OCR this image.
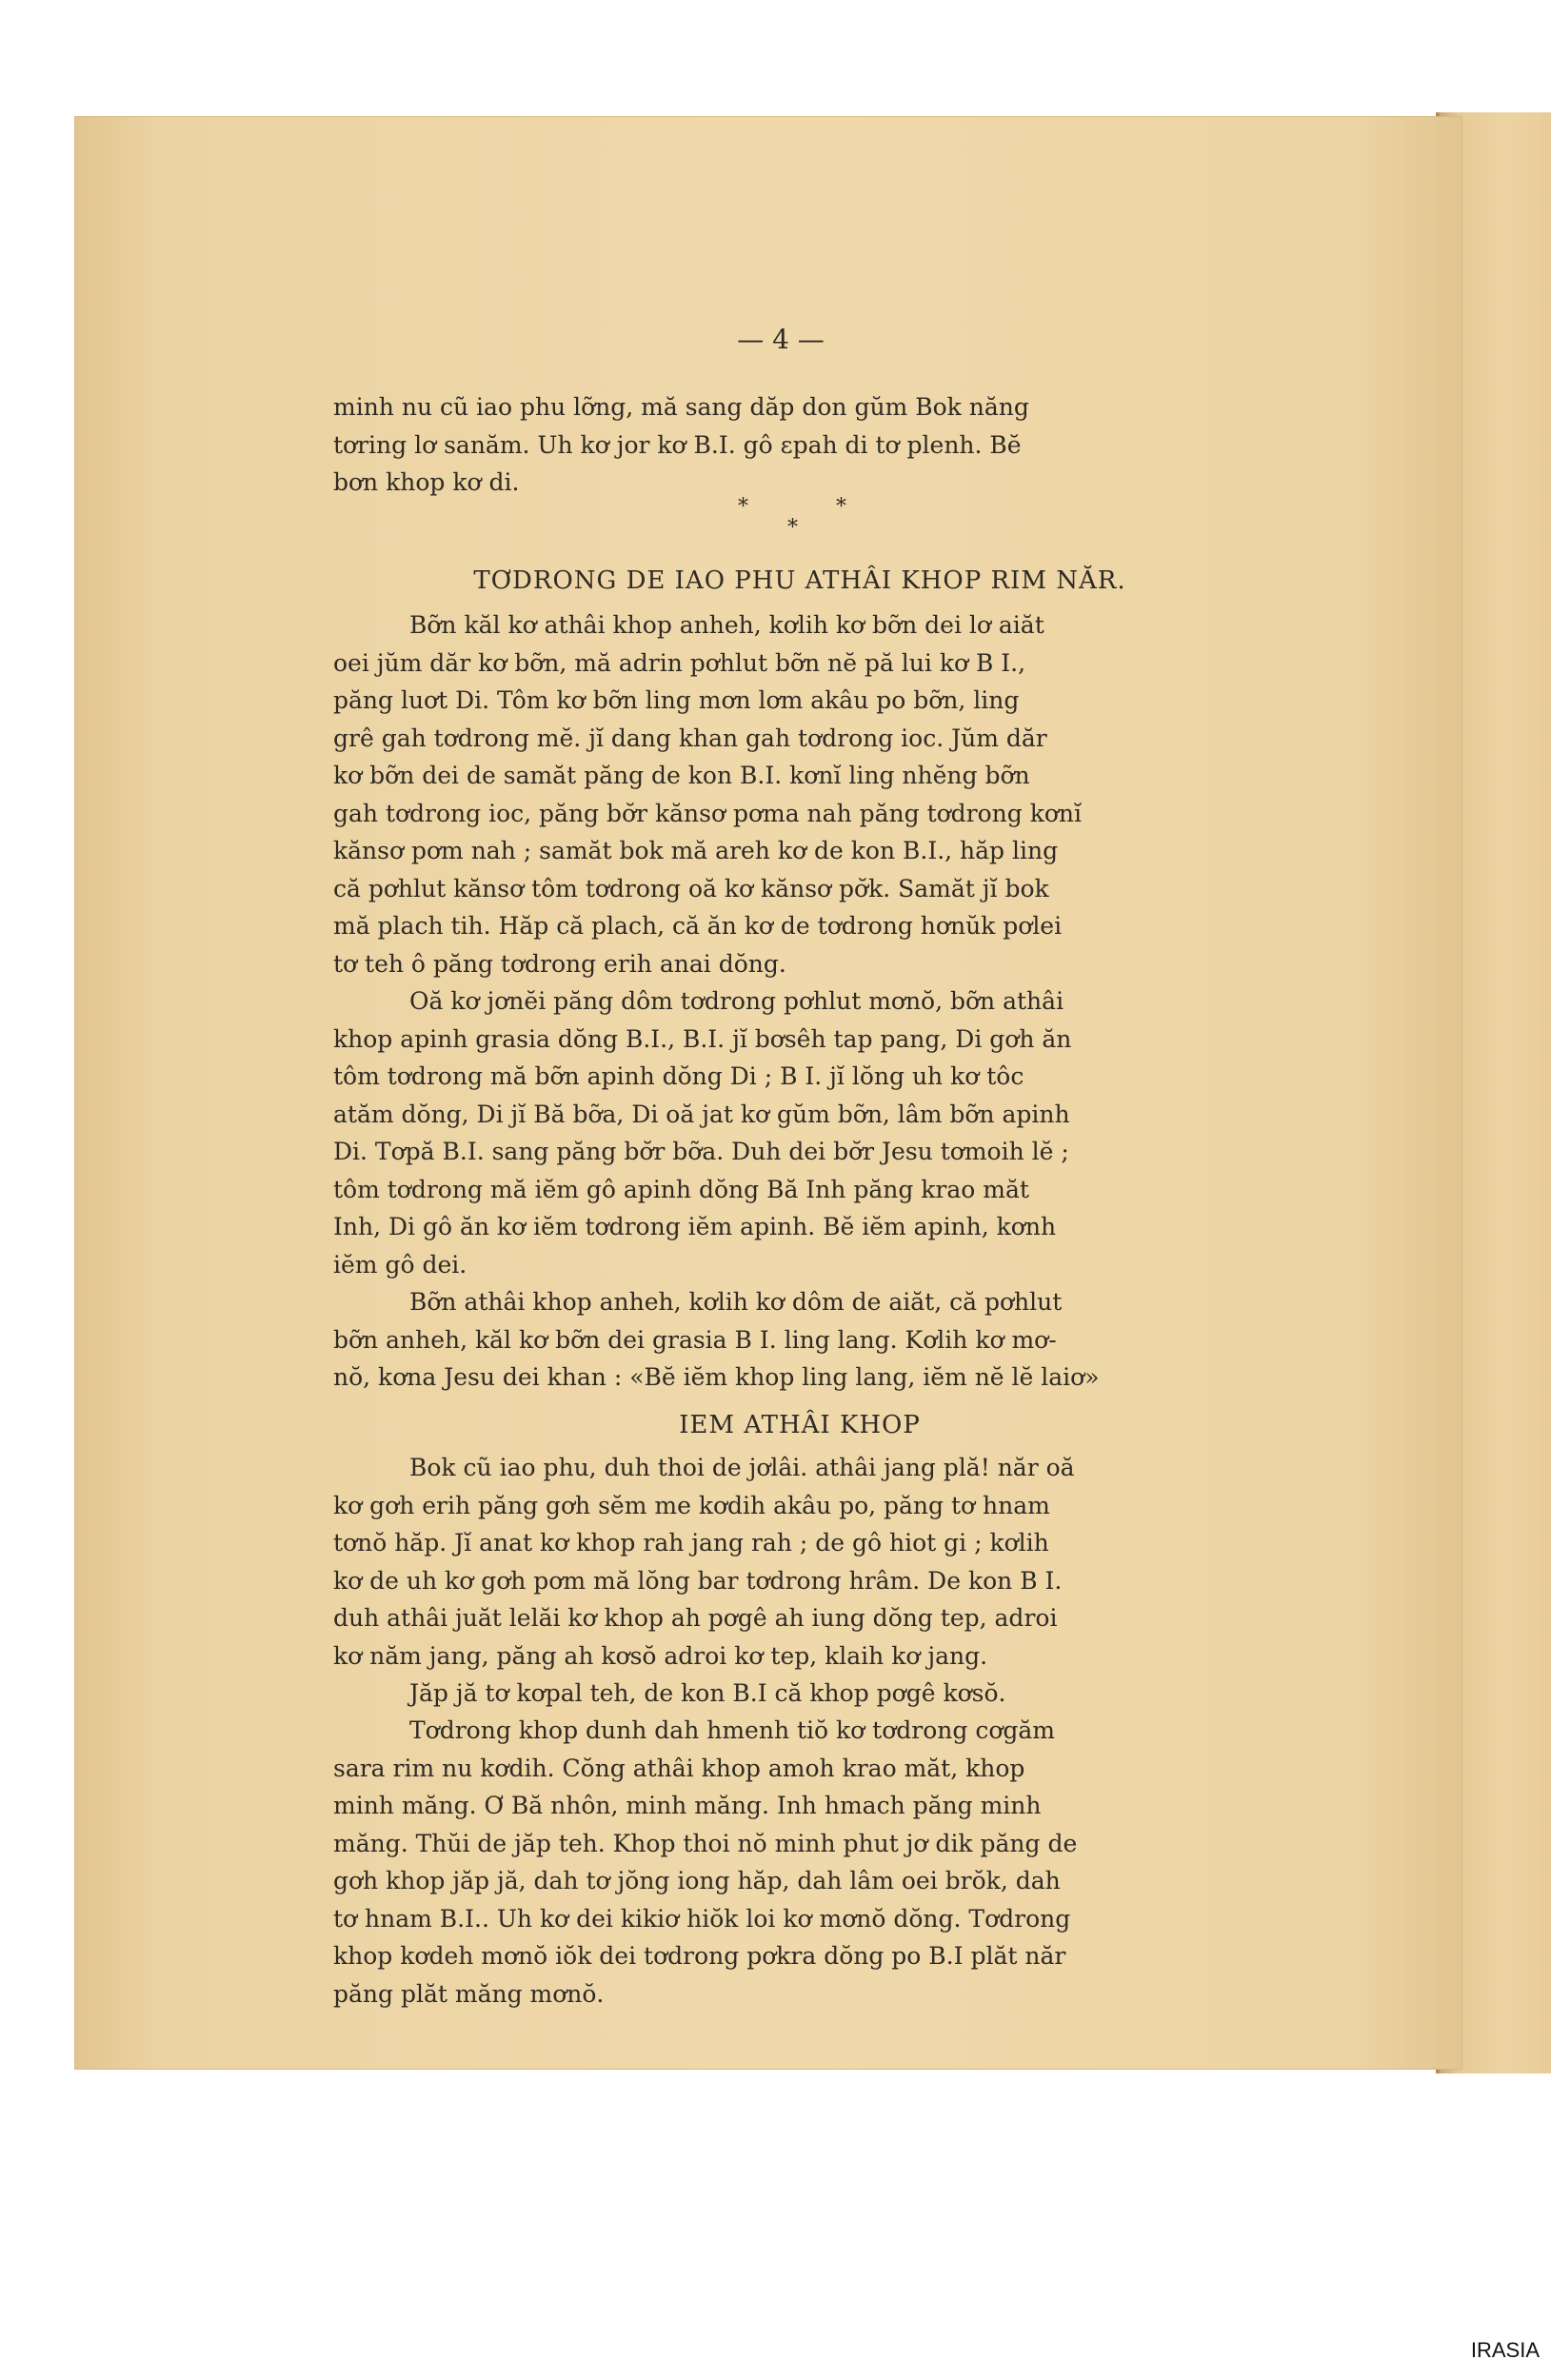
— 4 —
minh nu cũ iao phu lỡng, mă sang dăp don gŭm Bok năng
tơring lơ sanăm. Uh kơ jor kơ B.I. gô ɛpah di tơ plenh. Bĕ
bơn khop kơ di.
*	*
*
TƠDRONG DE IAO PHU ATHÂI KHOP RIM NĂR.
Bỡn kăl kơ athâi khop anheh, kơlih kơ bỡn dei lơ aiăt
oei jŭm dăr kơ bỡn, mă adrin pơhlut bỡn nĕ pă lui kơ B I.,
păng luơt Di. Tôm kơ bỡn ling mơn lơm akâu po bỡn, ling
grê gah tơdrong mĕ. jĭ dang khan gah tơdrong ioc. Jŭm dăr
kơ bỡn dei de samăt păng de kon B.I. kơnĭ ling nhĕng bỡn
gah tơdrong ioc, păng bơ̆r kănsơ pơma nah păng tơdrong kơnĭ
kănsơ pơm nah ; samăt bok mă areh kơ de kon B.I., hăp ling
că pơhlut kănsơ tôm tơdrong oă kơ kănsơ pơ̆k. Samăt jĭ bok
mă plach tih. Hăp că plach, că ăn kơ de tơdrong hơnŭk pơlei
tơ teh ô păng tơdrong erih anai dŏng.
Oă kơ jơnĕi păng dôm tơdrong pơhlut mơnŏ, bỡn athâi
khop apinh grasia dŏng B.I., B.I. jĭ bơsêh tap pang, Di gơh ăn
tôm tơdrong mă bỡn apinh dŏng Di ; B I. jĭ lŏng uh kơ tôc
atăm dŏng, Di jĭ Bă bỡa, Di oă jat kơ gŭm bỡn, lâm bỡn apinh
Di. Tơpă B.I. sang păng bơ̆r bỡa. Duh dei bơ̆r Jesu tơmoih lĕ ;
tôm tơdrong mă iĕm gô apinh dŏng Bă Inh păng krao măt
Inh, Di gô ăn kơ iĕm tơdrong iĕm apinh. Bĕ iĕm apinh, kơnh
iĕm gô dei.
Bỡn athâi khop anheh, kơlih kơ dôm de aiăt, că pơhlut
bỡn anheh, kăl kơ bỡn dei grasia B I. ling lang. Kơlih kơ mơ-
nŏ, kơna Jesu dei khan : «Bĕ iĕm khop ling lang, iĕm nĕ lĕ laiơ»
IEM ATHÂI KHOP
Bok cũ iao phu, duh thoi de jơlâi. athâi jang plă! năr oă
kơ gơh erih păng gơh sĕm me kơdih akâu po, păng tơ hnam
tơnŏ hăp. Jĭ anat kơ khop rah jang rah ; de gô hiot gi ; kơlih
kơ de uh kơ gơh pơm mă lŏng bar tơdrong hrâm. De kon B I.
duh athâi juăt lelăi kơ khop ah pơgê ah iung dŏng tep, adroi
kơ năm jang, păng ah kơsŏ adroi kơ tep, klaih kơ jang.
Jăp jă tơ kơpal teh, de kon B.I că khop pơgê kơsŏ.
Tơdrong khop dunh dah hmenh tiŏ kơ tơdrong cơgăm
sara rim nu kơdih. Cŏng athâi khop amoh krao măt, khop
minh măng. Ơ Bă nhôn, minh măng. Inh hmach păng minh
măng. Thŭi de jăp teh. Khop thoi nŏ minh phut jơ dik păng de
gơh khop jăp jă, dah tơ jŏng iong hăp, dah lâm oei brŏk, dah
tơ hnam B.I.. Uh kơ dei kikiơ hiŏk loi kơ mơnŏ dŏng. Tơdrong
khop kơdeh mơnŏ iŏk dei tơdrong pơkra dŏng po B.I plăt năr
păng plăt măng mơnŏ.
IRASIA
